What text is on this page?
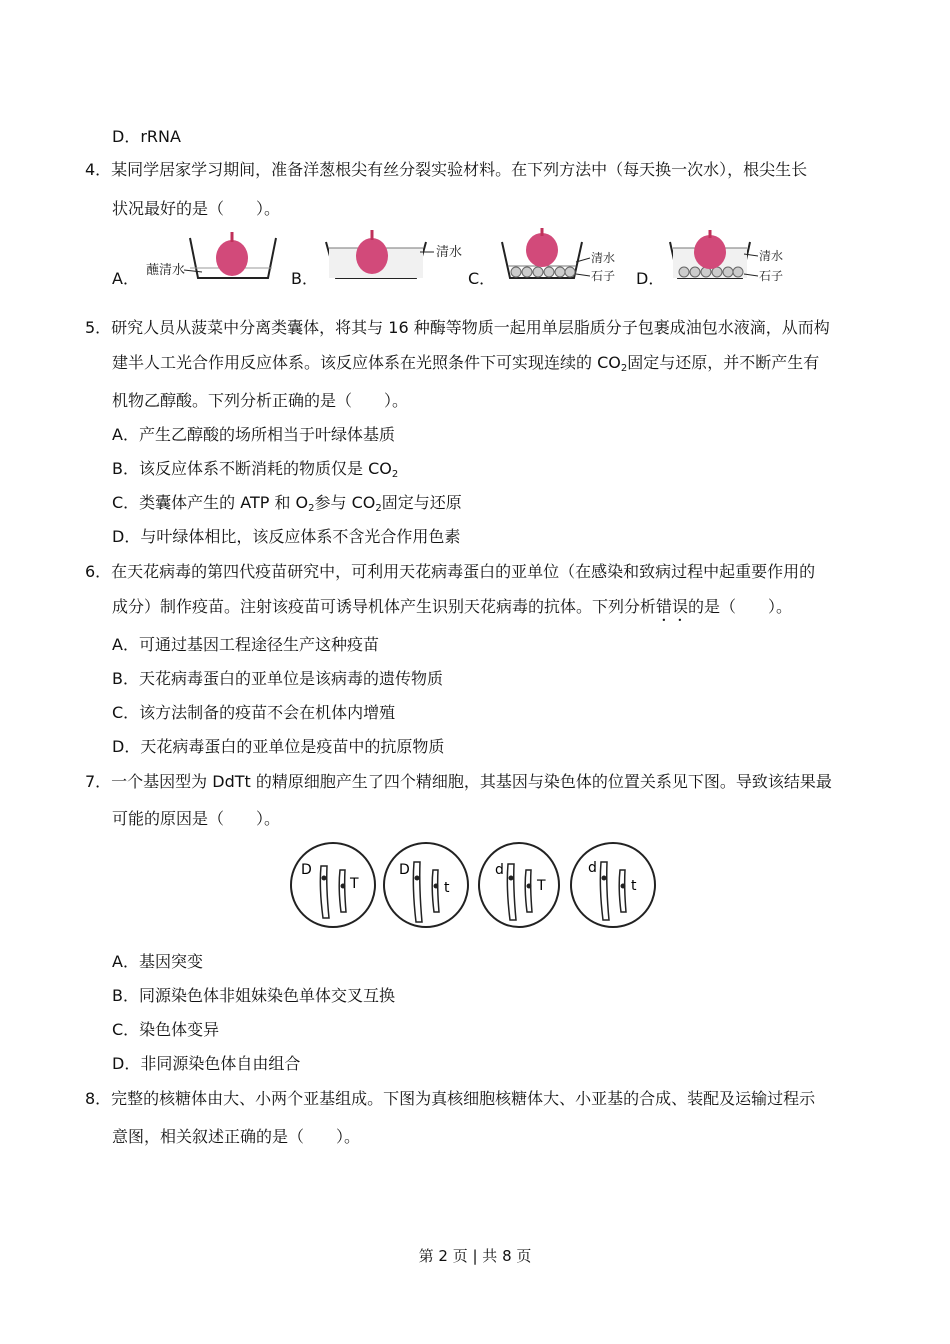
D．rRNA
4．某同学居家学习期间，准备洋葱根尖有丝分裂实验材料。在下列方法中（每天换一次水），根尖生长
状况最好的是（　　）。
A． 蘸清水	B．
清水
C．
清水
石子 D．
清水
石子
5．研究人员从菠菜中分离类囊体，将其与 16 种酶等物质一起用单层脂质分子包裹成油包水液滴，从而构
建半人工光合作用反应体系。该反应体系在光照条件下可实现连续的 $CO_2$固定与还原，并不断产生有
机物乙醇酸。下列分析正确的是（　　）。
A．产生乙醇酸的场所相当于叶绿体基质
B．该反应体系不断消耗的物质仅是 $CO_2$
C．类囊体产生的 ATP 和 $O_2$参与 $CO_2$固定与还原
D．与叶绿体相比，该反应体系不含光合作用色素
6．在天花病毒的第四代疫苗研究中，可利用天花病毒蛋白的亚单位（在感染和致病过程中起重要作用的
成分）制作疫苗。注射该疫苗可诱导机体产生识别天花病毒的抗体。下列分析错误的是（　　）。
A．可通过基因工程途径生产这种疫苗
B．天花病毒蛋白的亚单位是该病毒的遗传物质
C．该方法制备的疫苗不会在机体内增殖
D．天花病毒蛋白的亚单位是疫苗中的抗原物质
7．一个基因型为 DdTt 的精原细胞产生了四个精细胞，其基因与染色体的位置关系见下图。导致该结果最
可能的原因是（　　）。
D
T
D
t
d
T
d
t
A．基因突变
B．同源染色体非姐妹染色单体交叉互换
C．染色体变异
D．非同源染色体自由组合
8．完整的核糖体由大、小两个亚基组成。下图为真核细胞核糖体大、小亚基的合成、装配及运输过程示
意图，相关叙述正确的是（　　）。
第 2 页 | 共 8 页
